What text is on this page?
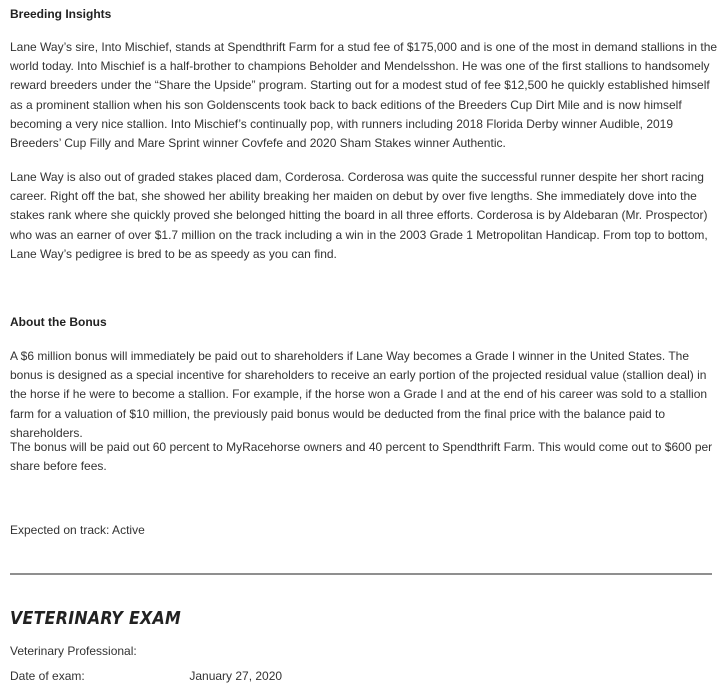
Breeding Insights

Lane Way’s sire, Into Mischief, stands at Spendthrift Farm for a stud fee of $175,000 and is one of the most in demand stallions in the world today. Into Mischief is a half-brother to champions Beholder and Mendelsshon. He was one of the first stallions to handsomely reward breeders under the “Share the Upside” program. Starting out for a modest stud of fee $12,500 he quickly established himself as a prominent stallion when his son Goldenscents took back to back editions of the Breeders Cup Dirt Mile and is now himself becoming a very nice stallion. Into Mischief’s continually pop, with runners including 2018 Florida Derby winner Audible, 2019 Breeders’ Cup Filly and Mare Sprint winner Covfefe and 2020 Sham Stakes winner Authentic.

Lane Way is also out of graded stakes placed dam, Corderosa. Corderosa was quite the successful runner despite her short racing career. Right off the bat, she showed her ability breaking her maiden on debut by over five lengths. She immediately dove into the stakes rank where she quickly proved she belonged hitting the board in all three efforts. Corderosa is by Aldebaran (Mr. Prospector) who was an earner of over $1.7 million on the track including a win in the 2003 Grade 1 Metropolitan Handicap. From top to bottom, Lane Way’s pedigree is bred to be as speedy as you can find.

About the Bonus

A $6 million bonus will immediately be paid out to shareholders if Lane Way becomes a Grade I winner in the United States. The bonus is designed as a special incentive for shareholders to receive an early portion of the projected residual value (stallion deal) in the horse if he were to become a stallion. For example, if the horse won a Grade I and at the end of his career was sold to a stallion farm for a valuation of $10 million, the previously paid bonus would be deducted from the final price with the balance paid to shareholders.

The bonus will be paid out 60 percent to MyRacehorse owners and 40 percent to Spendthrift Farm. This would come out to $600 per share before fees.

Expected on track: Active

VETERINARY EXAM
Veterinary Professional:
Date of exam:	January 27, 2020
